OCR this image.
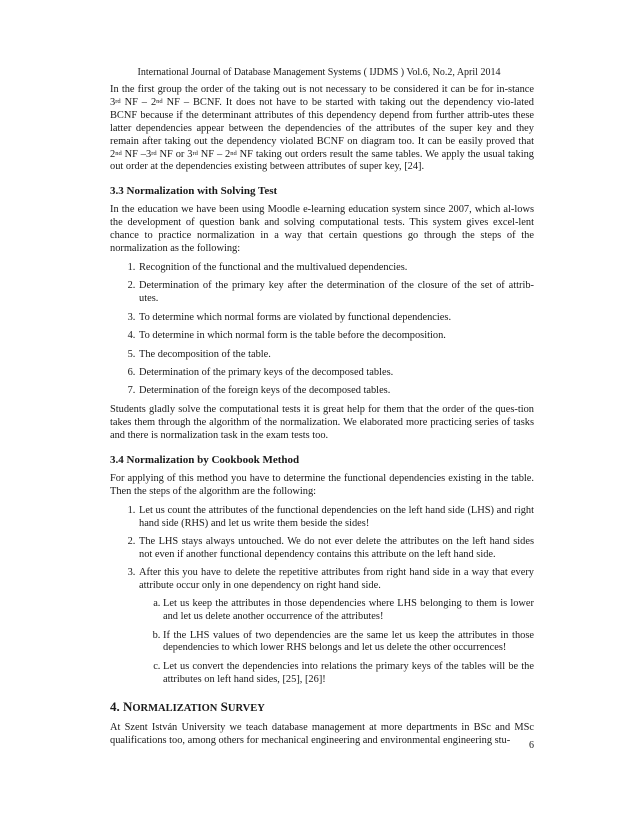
International Journal of Database Management Systems ( IJDMS ) Vol.6, No.2, April 2014

In the first group the order of the taking out is not necessary to be considered it can be for in-stance 3rd NF – 2nd NF – BCNF. It does not have to be started with taking out the dependency vio-lated BCNF because if the determinant attributes of this dependency depend from further attrib-utes these latter dependencies appear between the dependencies of the attributes of the super key and they remain after taking out the dependency violated BCNF on diagram too. It can be easily proved that 2nd NF –3rd NF or 3rd NF – 2nd NF taking out orders result the same tables. We apply the usual taking out order at the dependencies existing between attributes of super key, [24].

3.3 Normalization with Solving Test

In the education we have been using Moodle e-learning education system since 2007, which al-lows the development of question bank and solving computational tests. This system gives excel-lent chance to practice normalization in a way that certain questions go through the steps of the normalization as the following:

1. Recognition of the functional and the multivalued dependencies.
2. Determination of the primary key after the determination of the closure of the set of attrib-utes.
3. To determine which normal forms are violated by functional dependencies.
4. To determine in which normal form is the table before the decomposition.
5. The decomposition of the table.
6. Determination of the primary keys of the decomposed tables.
7. Determination of the foreign keys of the decomposed tables.

Students gladly solve the computational tests it is great help for them that the order of the ques-tion takes them through the algorithm of the normalization. We elaborated more practicing series of tasks and there is normalization task in the exam tests too.

3.4 Normalization by Cookbook Method

For applying of this method you have to determine the functional dependencies existing in the table. Then the steps of the algorithm are the following:

1. Let us count the attributes of the functional dependencies on the left hand side (LHS) and right hand side (RHS) and let us write them beside the sides!
2. The LHS stays always untouched. We do not ever delete the attributes on the left hand sides not even if another functional dependency contains this attribute on the left hand side.
3. After this you have to delete the repetitive attributes from right hand side in a way that every attribute occur only in one dependency on right hand side.
a. Let us keep the attributes in those dependencies where LHS belonging to them is lower and let us delete another occurrence of the attributes!
b. If the LHS values of two dependencies are the same let us keep the attributes in those dependencies to which lower RHS belongs and let us delete the other occurrences!
c. Let us convert the dependencies into relations the primary keys of the tables will be the attributes on left hand sides, [25], [26]!
4. NORMALIZATION SURVEY

At Szent István University we teach database management at more departments in BSc and MSc qualifications too, among others for mechanical engineering and environmental engineering stu-	6
